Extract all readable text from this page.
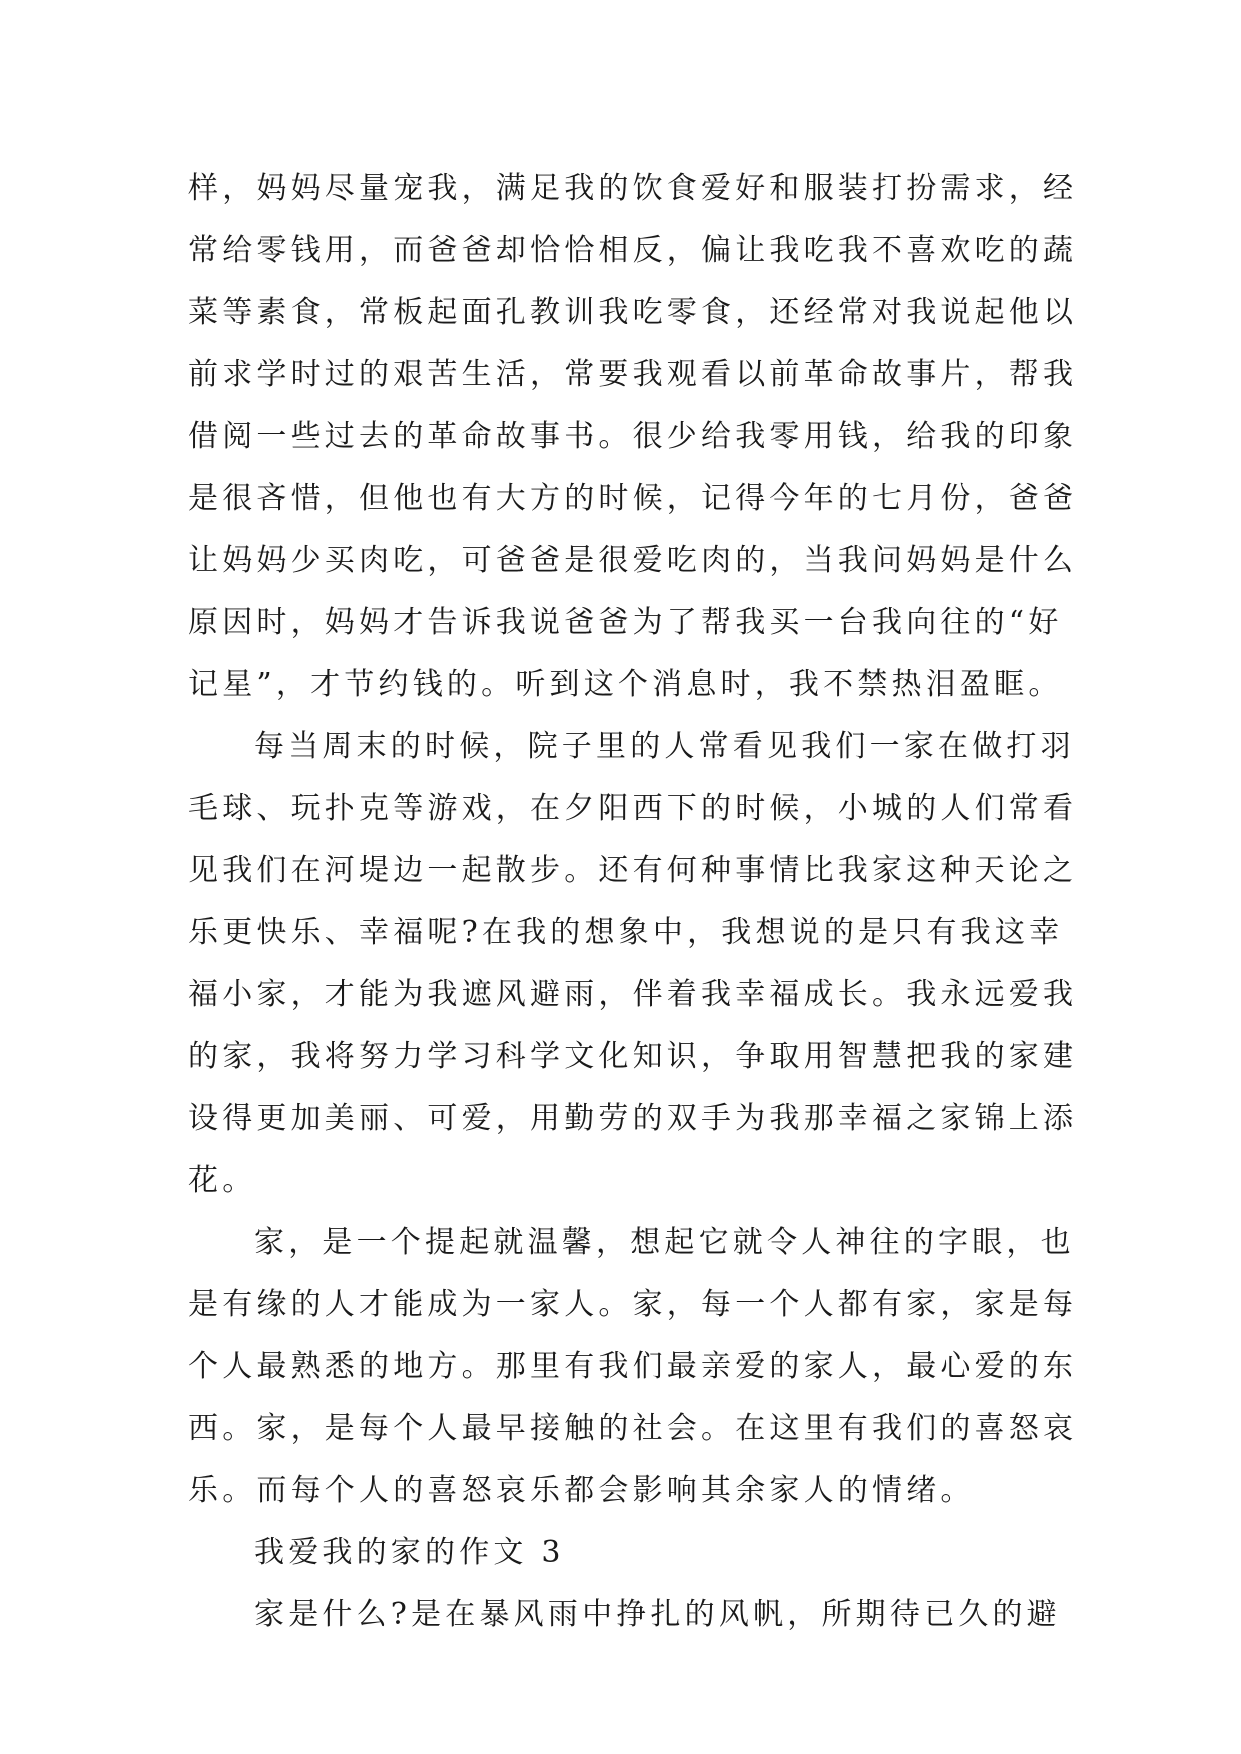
样，妈妈尽量宠我，满足我的饮食爱好和服装打扮需求，经
常给零钱用，而爸爸却恰恰相反，偏让我吃我不喜欢吃的蔬
菜等素食，常板起面孔教训我吃零食，还经常对我说起他以
前求学时过的艰苦生活，常要我观看以前革命故事片，帮我
借阅一些过去的革命故事书。很少给我零用钱，给我的印象
是很吝惜，但他也有大方的时候，记得今年的七月份，爸爸
让妈妈少买肉吃，可爸爸是很爱吃肉的，当我问妈妈是什么
原因时，妈妈才告诉我说爸爸为了帮我买一台我向往的“好
记星”，才节约钱的。听到这个消息时，我不禁热泪盈眶。
每当周末的时候，院子里的人常看见我们一家在做打羽
毛球、玩扑克等游戏，在夕阳西下的时候，小城的人们常看
见我们在河堤边一起散步。还有何种事情比我家这种天论之
乐更快乐、幸福呢?在我的想象中，我想说的是只有我这幸
福小家，才能为我遮风避雨，伴着我幸福成长。我永远爱我
的家，我将努力学习科学文化知识，争取用智慧把我的家建
设得更加美丽、可爱，用勤劳的双手为我那幸福之家锦上添
花。
家，是一个提起就温馨，想起它就令人神往的字眼，也
是有缘的人才能成为一家人。家，每一个人都有家，家是每
个人最熟悉的地方。那里有我们最亲爱的家人，最心爱的东
西。家，是每个人最早接触的社会。在这里有我们的喜怒哀
乐。而每个人的喜怒哀乐都会影响其余家人的情绪。
我爱我的家的作文 3
家是什么?是在暴风雨中挣扎的风帆，所期待已久的避
